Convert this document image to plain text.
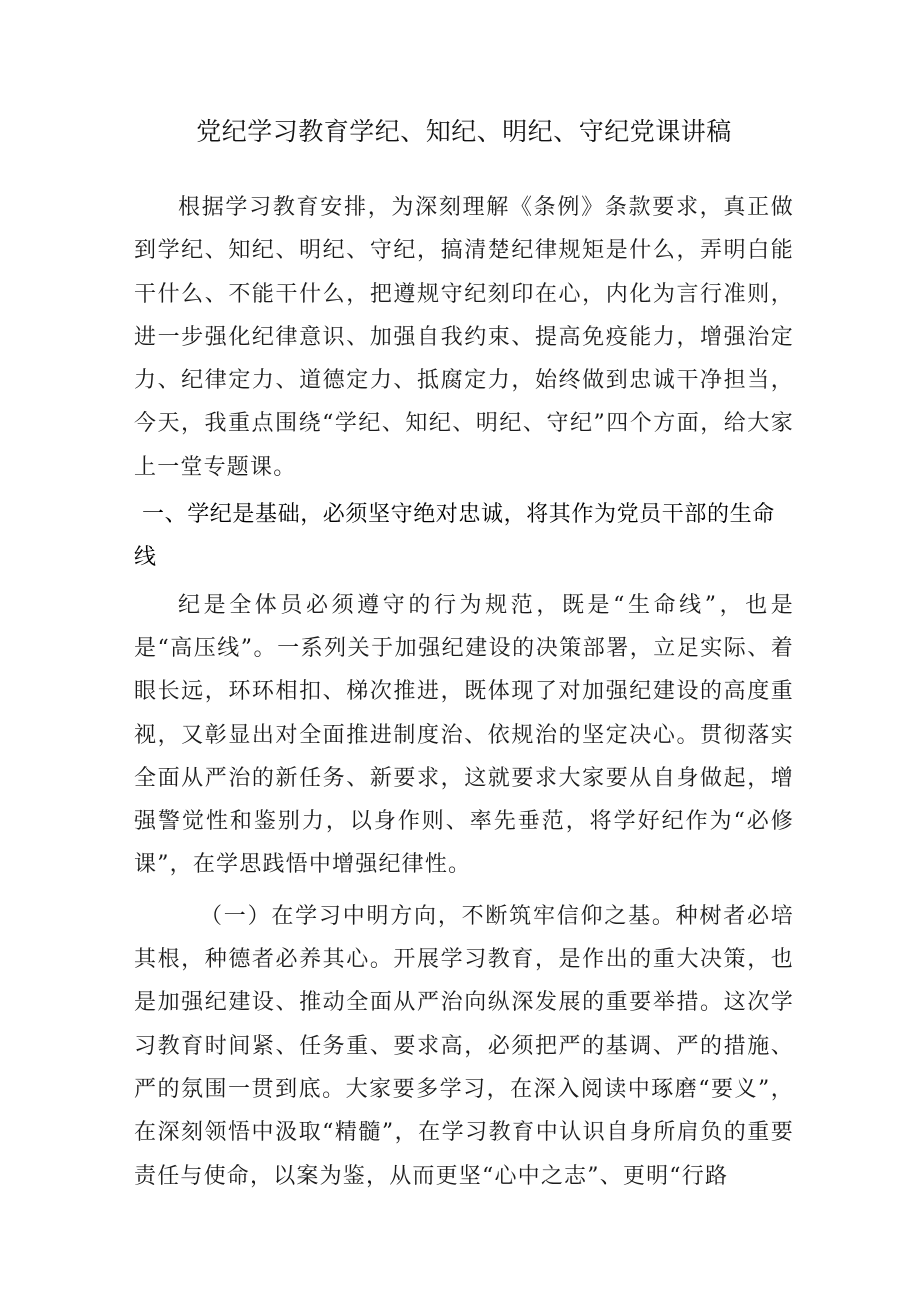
党纪学习教育学纪、知纪、明纪、守纪党课讲稿

根据学习教育安排，为深刻理解《条例》条款要求，真正做到学纪、知纪、明纪、守纪，搞清楚纪律规矩是什么，弄明白能干什么、不能干什么，把遵规守纪刻印在心，内化为言行准则，进一步强化纪律意识、加强自我约束、提高免疫能力，增强治定力、纪律定力、道德定力、抵腐定力，始终做到忠诚干净担当，今天，我重点围绕“学纪、知纪、明纪、守纪”四个方面，给大家上一堂专题课。

一、学纪是基础，必须坚守绝对忠诚，将其作为党员干部的生命线

纪是全体员必须遵守的行为规范，既是“生命线”，也是是“高压线”。一系列关于加强纪建设的决策部署，立足实际、着眼长远，环环相扣、梯次推进，既体现了对加强纪建设的高度重视，又彰显出对全面推进制度治、依规治的坚定决心。贯彻落实全面从严治的新任务、新要求，这就要求大家要从自身做起，增强警觉性和鉴别力，以身作则、率先垂范，将学好纪作为“必修课”，在学思践悟中增强纪律性。

（一）在学习中明方向，不断筑牢信仰之基。种树者必培其根，种德者必养其心。开展学习教育，是作出的重大决策，也是加强纪建设、推动全面从严治向纵深发展的重要举措。这次学习教育时间紧、任务重、要求高，必须把严的基调、严的措施、严的氛围一贯到底。大家要多学习，在深入阅读中琢磨“要义”，在深刻领悟中汲取“精髓”，在学习教育中认识自身所肩负的重要责任与使命，以案为鉴，从而更坚“心中之志”、更明“行路
